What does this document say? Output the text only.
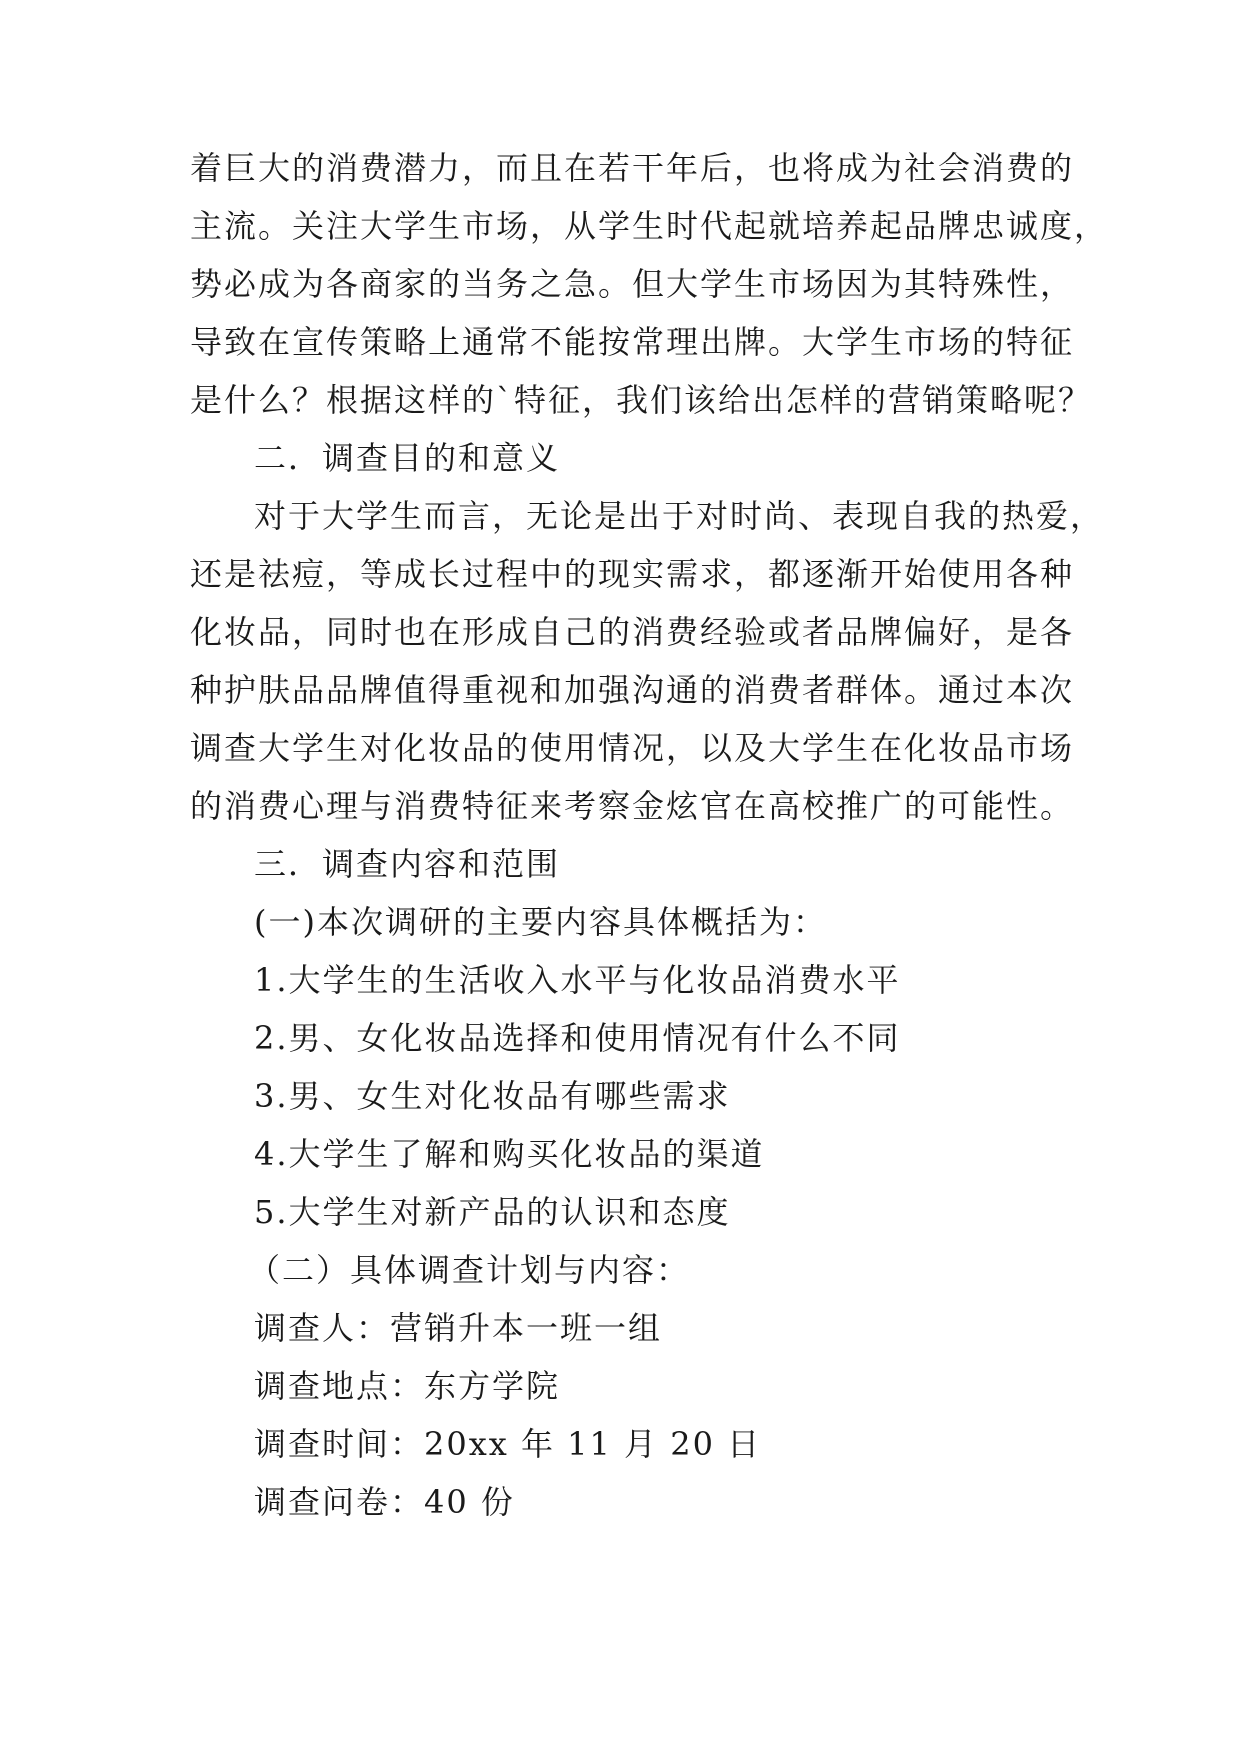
着巨大的消费潜力，而且在若干年后，也将成为社会消费的
主流。关注大学生市场，从学生时代起就培养起品牌忠诚度，
势必成为各商家的当务之急。但大学生市场因为其特殊性，
导致在宣传策略上通常不能按常理出牌。大学生市场的特征
是什么？根据这样的`特征，我们该给出怎样的营销策略呢？
二．调查目的和意义
对于大学生而言，无论是出于对时尚、表现自我的热爱，
还是祛痘，等成长过程中的现实需求，都逐渐开始使用各种
化妆品，同时也在形成自己的消费经验或者品牌偏好，是各
种护肤品品牌值得重视和加强沟通的消费者群体。通过本次
调查大学生对化妆品的使用情况，以及大学生在化妆品市场
的消费心理与消费特征来考察金炫官在高校推广的可能性。
三．调查内容和范围
(一)本次调研的主要内容具体概括为：
1.大学生的生活收入水平与化妆品消费水平
2.男、女化妆品选择和使用情况有什么不同
3.男、女生对化妆品有哪些需求
4.大学生了解和购买化妆品的渠道
5.大学生对新产品的认识和态度
（二）具体调查计划与内容：
调查人：营销升本一班一组
调查地点：东方学院
调查时间：20xx 年 11 月 20 日
调查问卷：40 份
